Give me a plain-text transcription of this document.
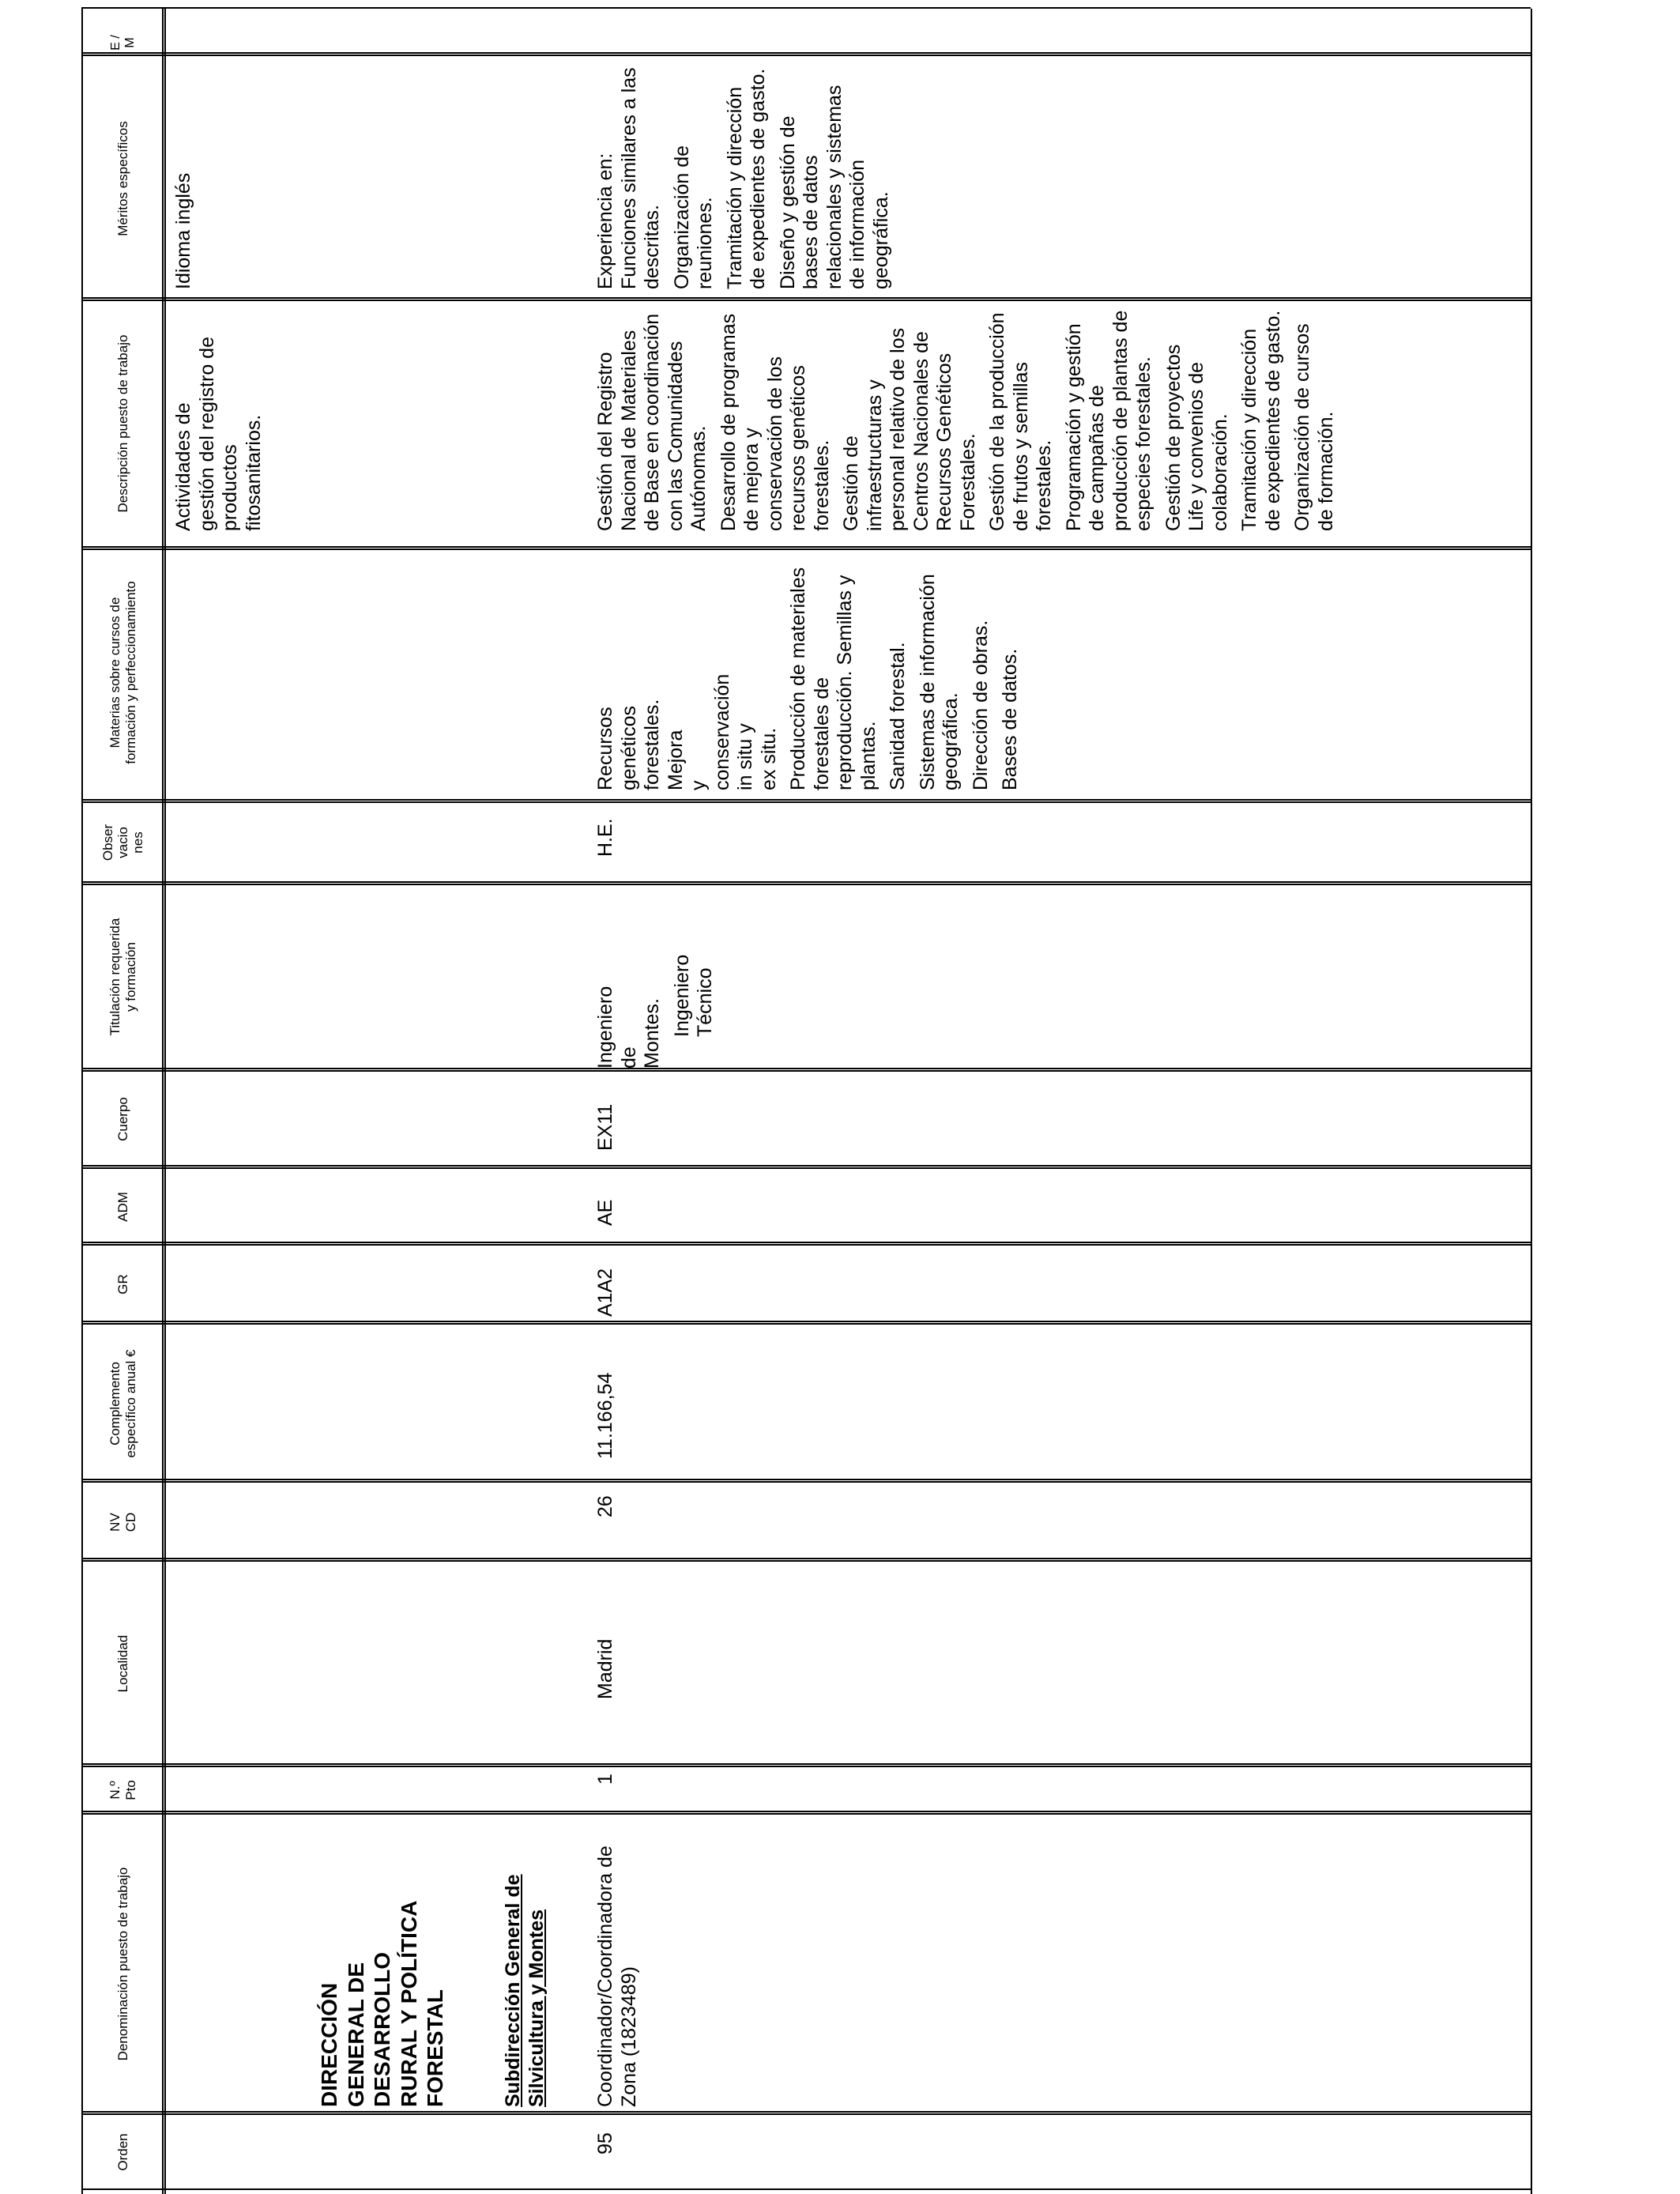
Orden
Denominación puesto de trabajo
N.º Pto
Localidad
NV CD
Complemento específico anual €
GR
ADM
Cuerpo
Titulación requerida y formación
Obser vacio nes
Materias sobre cursos de formación y perfeccionamiento
Descripción puesto de trabajo
Méritos específicos
E / M
Actividades de gestión del registro de productos fitosanitarios.
Idioma inglés
DIRECCIÓN GENERAL DE DESARROLLO RURAL Y POLÍTICA FORESTAL	Subdirección General de Silvicultura y Montes
95
Coordinador/Coordinadora de Zona (1823489)
1
Madrid
26
11.166,54
A1A2
AE
EX11

Ingeniero de Montes. Ingeniero Técnico

H.E.

Recursos genéticos forestales. Mejora y conservación in situ y ex situ. Producción de materiales forestales de reproducción. Semillas y plantas. Sanidad forestal. Sistemas de información geográfica. Dirección de obras. Bases de datos.

Gestión del Registro Nacional de Materiales de Base en coordinación con las Comunidades Autónomas. Desarrollo de programas de mejora y conservación de los recursos genéticos forestales. Gestión de infraestructuras y personal relativo de los Centros Nacionales de Recursos Genéticos Forestales. Gestión de la producción de frutos y semillas forestales. Programación y gestión de campañas de producción de plantas de especies forestales. Gestión de proyectos Life y convenios de colaboración. Tramitación y dirección de expedientes de gasto. Organización de cursos de formación.

Experiencia en: Funciones similares a las descritas. Organización de reuniones. Tramitación y dirección de expedientes de gasto. Diseño y gestión de bases de datos relacionales y sistemas de información geográfica.
